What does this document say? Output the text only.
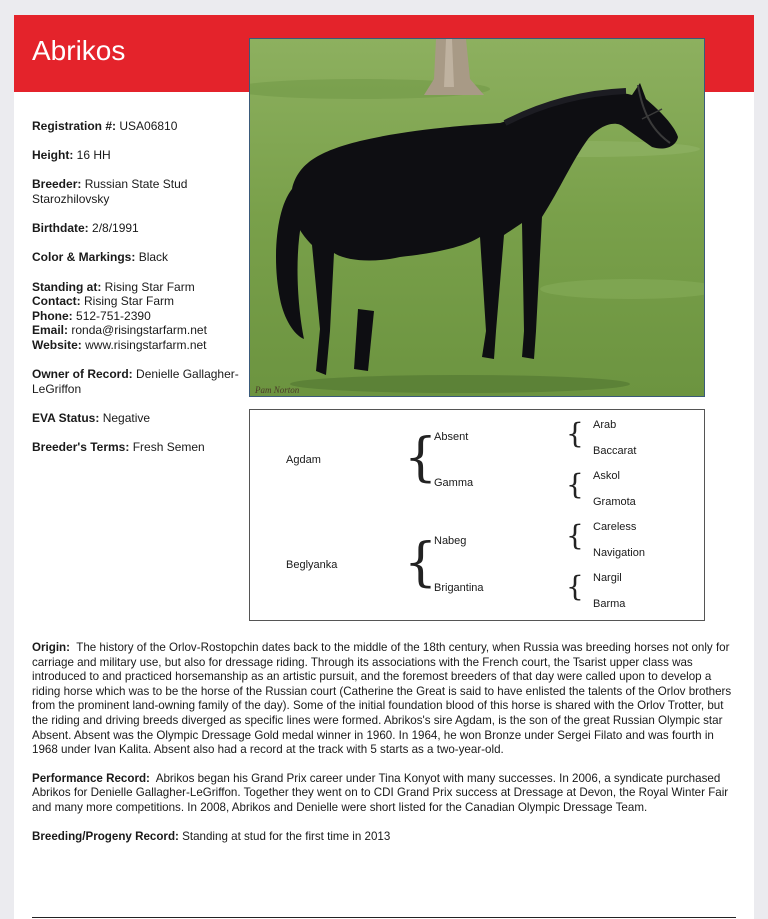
Abrikos

Registration #: USA06810

Height: 16 HH

Breeder: Russian State Stud Starozhilovsky

Birthdate: 2/8/1991

Color & Markings: Black

Standing at: Rising Star Farm

Contact: Rising Star Farm

Phone: 512-751-2390

Email: ronda@risingstarfarm.net

Website: www.risingstarfarm.net

Owner of Record: Denielle Gallagher-LeGriffon

EVA Status: Negative

Breeder's Terms: Fresh Semen

Pam Norton
Agdam
Beglyanka
{
{
Absent
Gamma
Nabeg
Brigantina
{
{
{
{
Arab
Baccarat
Askol
Gramota
Careless
Navigation
Nargil
Barma

Origin: The history of the Orlov-Rostopchin dates back to the middle of the 18th century, when Russia was breeding horses not only for carriage and military use, but also for dressage riding. Through its associations with the French court, the Tsarist upper class was introduced to and practiced horsemanship as an artistic pursuit, and the foremost breeders of that day were called upon to develop a riding horse which was to be the horse of the Russian court (Catherine the Great is said to have enlisted the talents of the Orlov brothers from the prominent land-owning family of the day). Some of the initial foundation blood of this horse is shared with the Orlov Trotter, but the riding and driving breeds diverged as specific lines were formed. Abrikos's sire Agdam, is the son of the great Russian Olympic star Absent. Absent was the Olympic Dressage Gold medal winner in 1960. In 1964, he won Bronze under Sergei Filato and was fourth in 1968 under Ivan Kalita. Absent also had a record at the track with 5 starts as a two-year-old.

Performance Record: Abrikos began his Grand Prix career under Tina Konyot with many successes. In 2006, a syndicate purchased Abrikos for Denielle Gallagher-LeGriffon. Together they went on to CDI Grand Prix success at Dressage at Devon, the Royal Winter Fair and many more competitions. In 2008, Abrikos and Denielle were short listed for the Canadian Olympic Dressage Team.

Breeding/Progeny Record: Standing at stud for the first time in 2013
